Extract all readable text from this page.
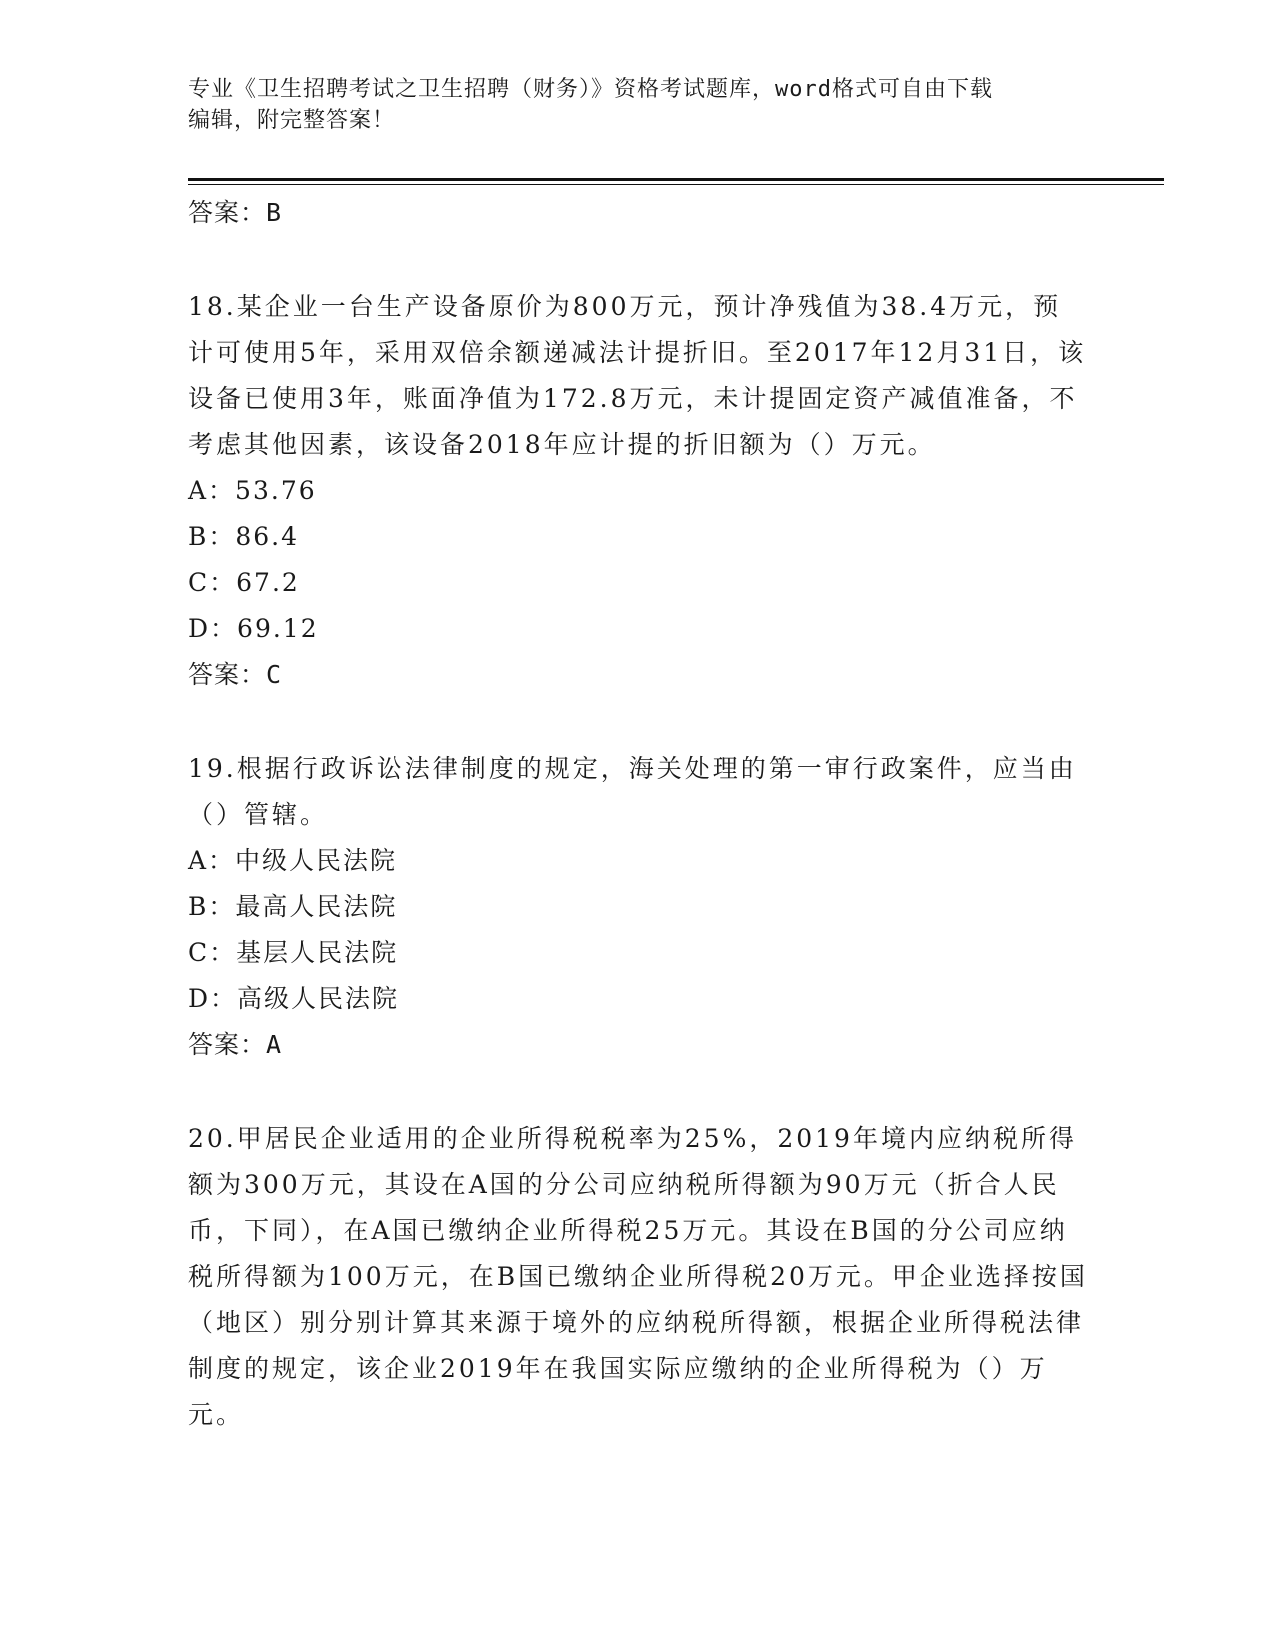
专业《卫生招聘考试之卫生招聘（财务）》资格考试题库，word格式可自由下载
编辑，附完整答案！
答案：B
18.某企业一台生产设备原价为800万元，预计净残值为38.4万元，预计可使用5年，采用双倍余额递减法计提折旧。至2017年12月31日，该设备已使用3年，账面净值为172.8万元，未计提固定资产减值准备，不考虑其他因素，该设备2018年应计提的折旧额为（）万元。
A：53.76
B：86.4
C：67.2
D：69.12
答案：C
19.根据行政诉讼法律制度的规定，海关处理的第一审行政案件，应当由（）管辖。
A：中级人民法院
B：最高人民法院
C：基层人民法院
D：高级人民法院
答案：A
20.甲居民企业适用的企业所得税税率为25%，2019年境内应纳税所得额为300万元，其设在A国的分公司应纳税所得额为90万元（折合人民币，下同），在A国已缴纳企业所得税25万元。其设在B国的分公司应纳税所得额为100万元，在B国已缴纳企业所得税20万元。甲企业选择按国（地区）别分别计算其来源于境外的应纳税所得额，根据企业所得税法律制度的规定，该企业2019年在我国实际应缴纳的企业所得税为（）万元。
